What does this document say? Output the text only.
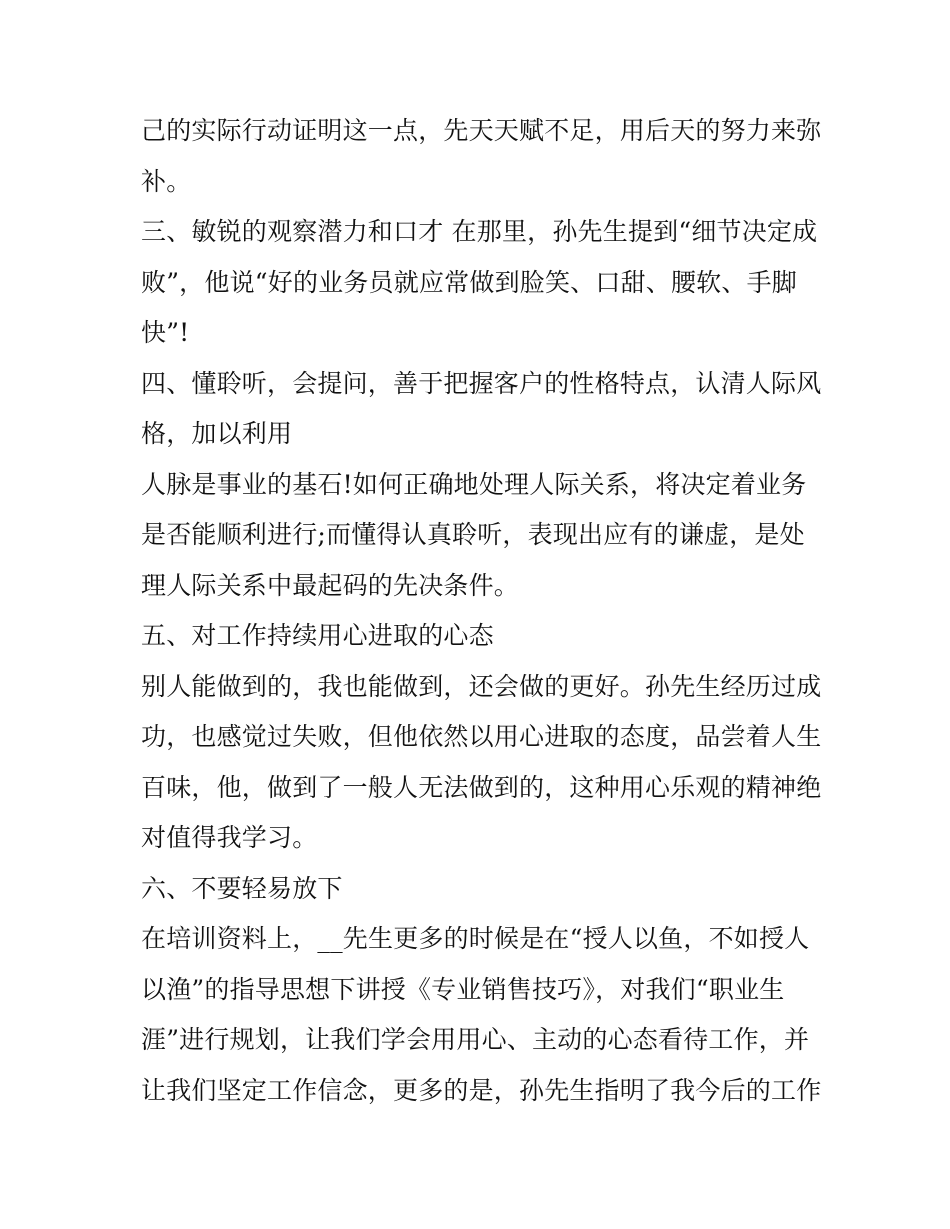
己的实际行动证明这一点，先天天赋不足，用后天的努力来弥

补。

三、敏锐的观察潜力和口才 在那里，孙先生提到“细节决定成

败”，他说“好的业务员就应常做到脸笑、口甜、腰软、手脚

快”!

四、懂聆听，会提问，善于把握客户的性格特点，认清人际风

格，加以利用

人脉是事业的基石!如何正确地处理人际关系，将决定着业务

是否能顺利进行;而懂得认真聆听，表现出应有的谦虚，是处

理人际关系中最起码的先决条件。

五、对工作持续用心进取的心态

别人能做到的，我也能做到，还会做的更好。孙先生经历过成

功，也感觉过失败，但他依然以用心进取的态度，品尝着人生

百味，他，做到了一般人无法做到的，这种用心乐观的精神绝

对值得我学习。

六、不要轻易放下

在培训资料上，__先生更多的时候是在“授人以鱼，不如授人

以渔”的指导思想下讲授《专业销售技巧》，对我们“职业生

涯”进行规划，让我们学会用用心、主动的心态看待工作，并

让我们坚定工作信念，更多的是，孙先生指明了我今后的工作
